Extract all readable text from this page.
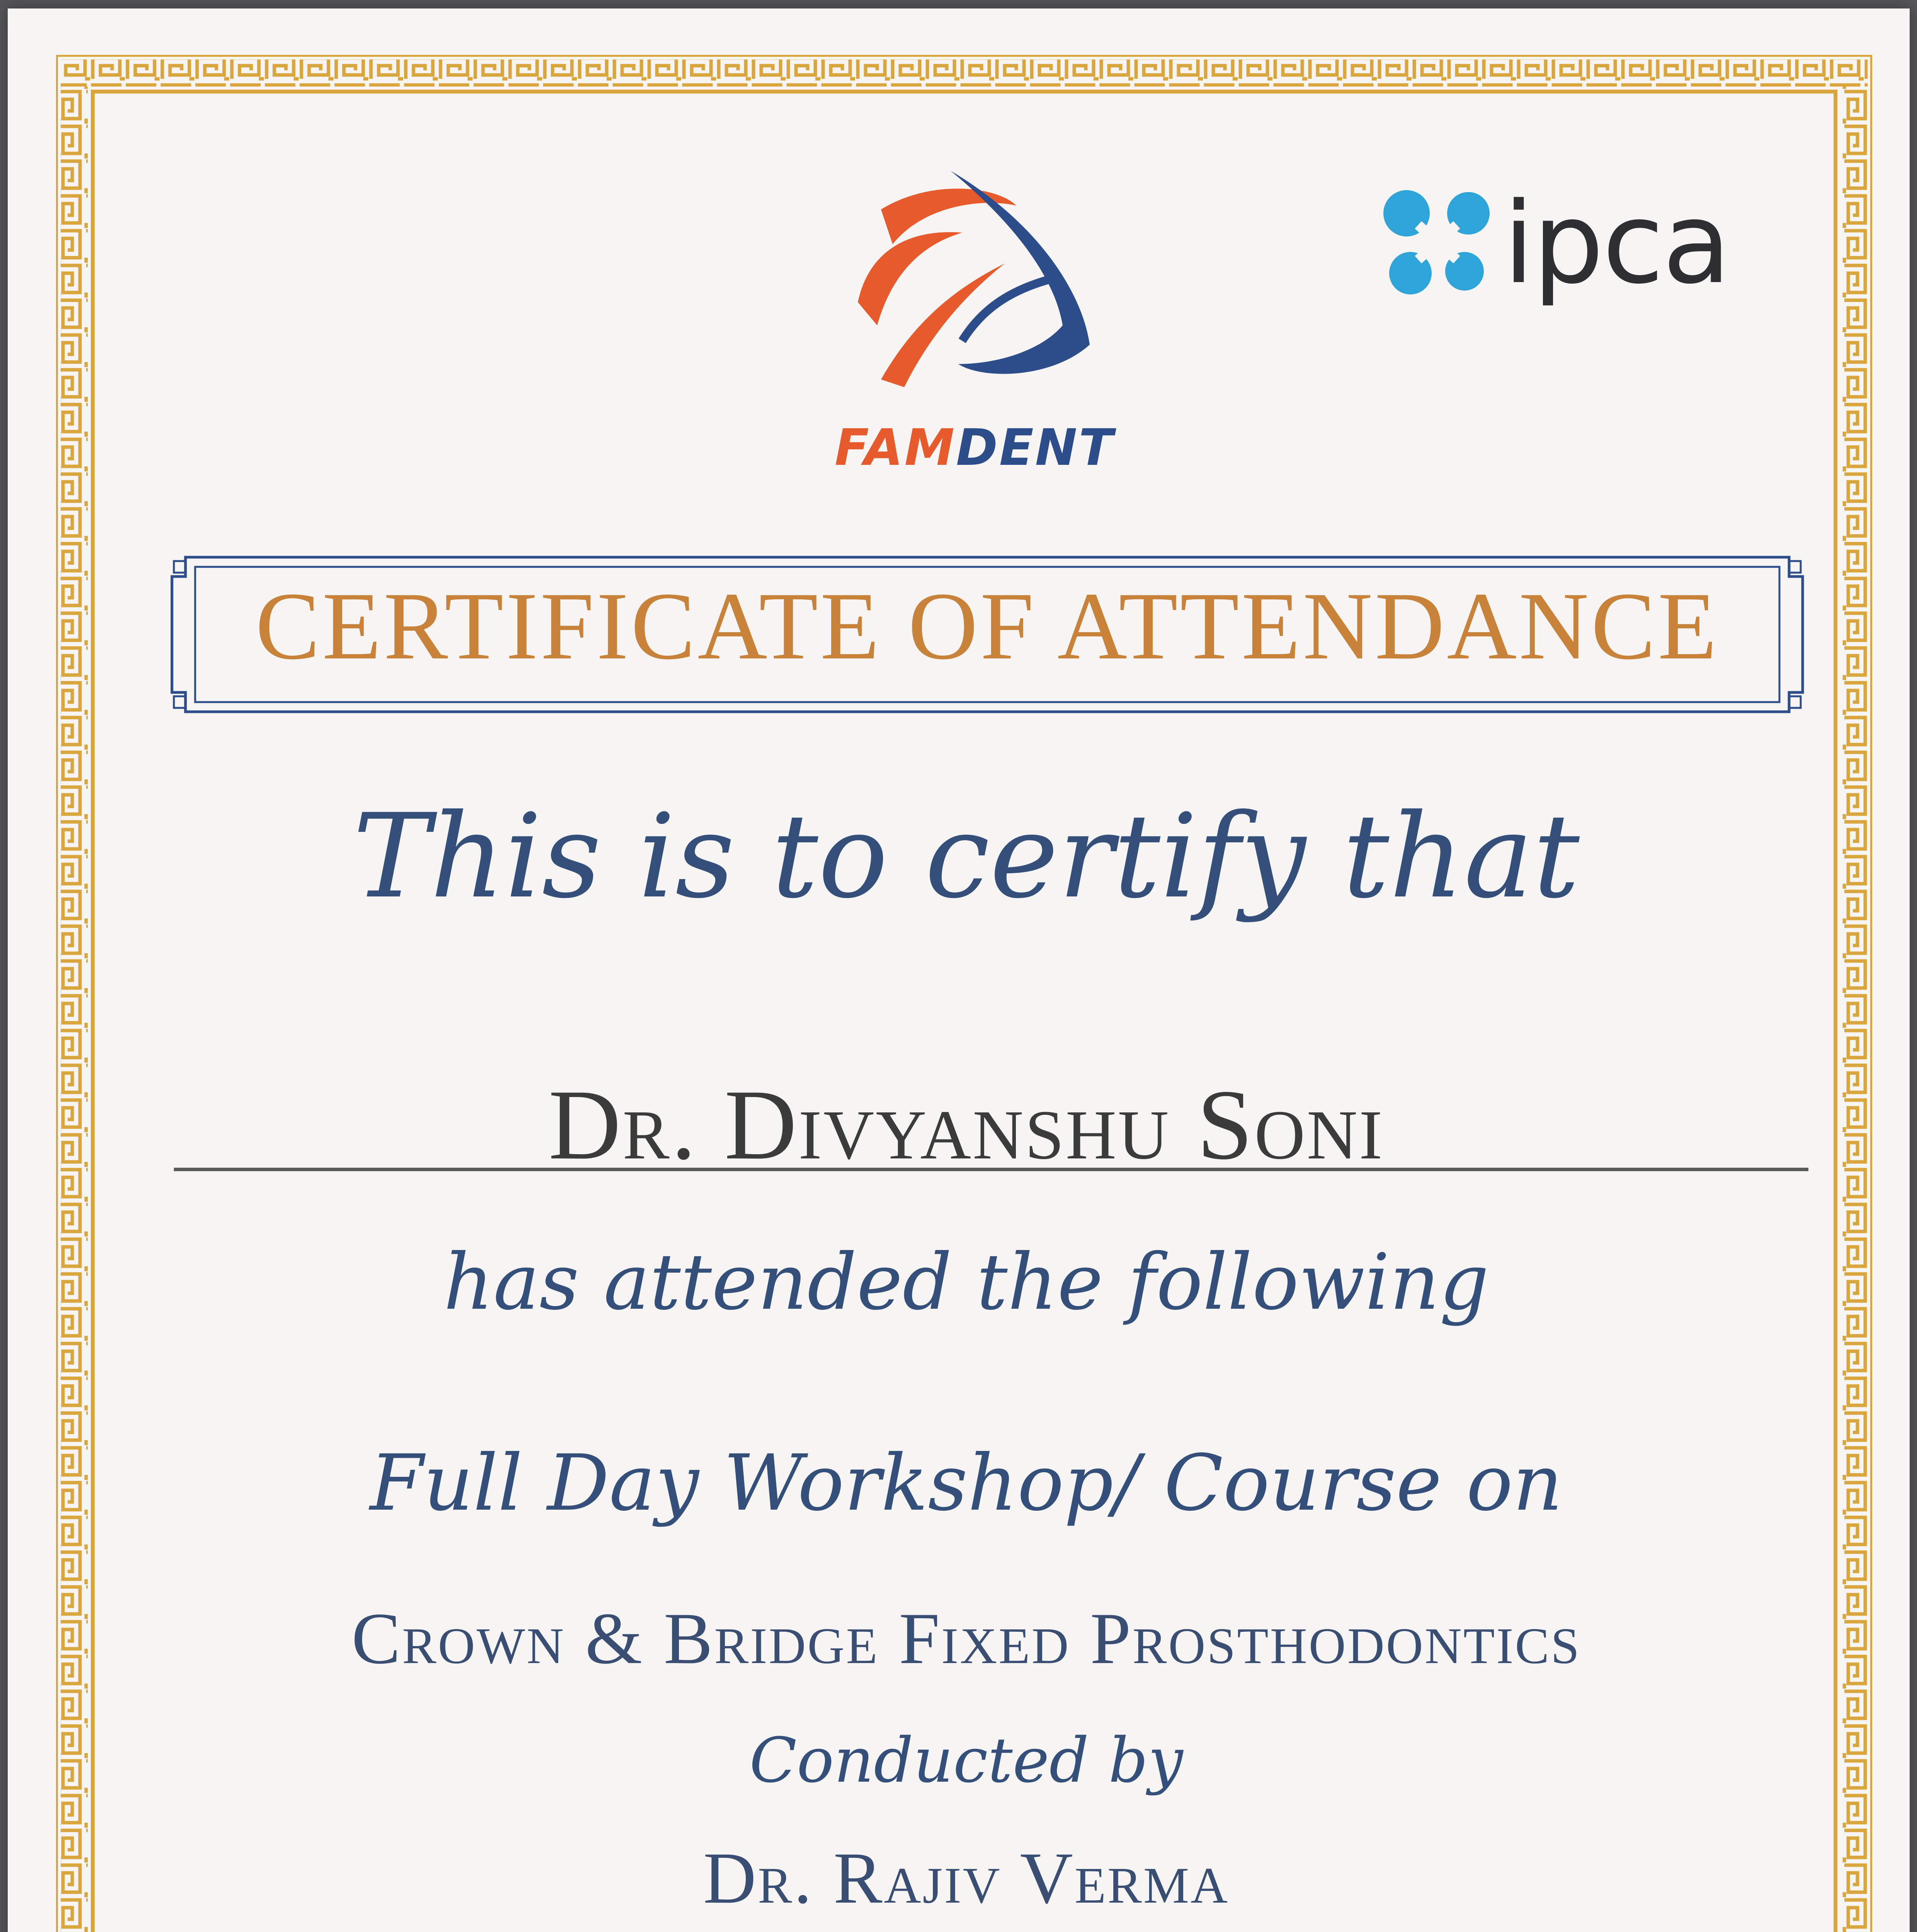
FAMDENT
ipca
CERTIFICATE OF ATTENDANCE
This is to certify that
Dr. Divyanshu Soni
has attended the following
Full Day Workshop/ Course on
Crown & Bridge Fixed Prosthodontics
Conducted by
Dr. Rajiv Verma
